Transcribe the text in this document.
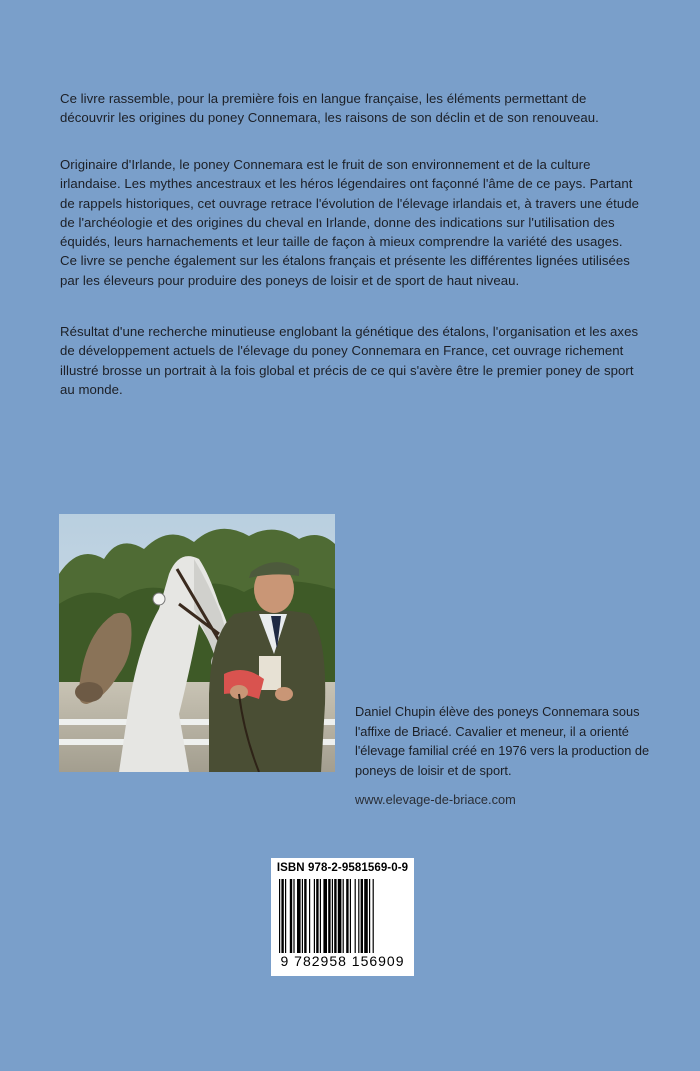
Ce livre rassemble, pour la première fois en langue française, les éléments permettant de découvrir les origines du poney Connemara, les raisons de son déclin et de son renouveau.

Originaire d'Irlande, le poney Connemara est le fruit de son environnement et de la culture irlandaise. Les mythes ancestraux et les héros légendaires ont façonné l'âme de ce pays. Partant de rappels historiques, cet ouvrage retrace l'évolution de l'élevage irlandais et, à travers une étude de l'archéologie et des origines du cheval en Irlande, donne des indications sur l'utilisation des équidés, leurs harnachements et leur taille de façon à mieux comprendre la variété des usages. Ce livre se penche également sur les étalons français et présente les différentes lignées utilisées par les éleveurs pour produire des poneys de loisir et de sport de haut niveau.

Résultat d'une recherche minutieuse englobant la génétique des étalons, l'organisation et les axes de développement actuels de l'élevage du poney Connemara en France, cet ouvrage richement illustré brosse un portrait à la fois global et précis de ce qui s'avère être le premier poney de sport au monde.

Daniel Chupin élève des poneys Connemara sous l'affixe de Briacé. Cavalier et meneur, il a orienté l'élevage familial créé en 1976 vers la production de poneys de loisir et de sport.
www.elevage-de-briace.com
ISBN 978-2-9581569-0-9
9 782958 156909
